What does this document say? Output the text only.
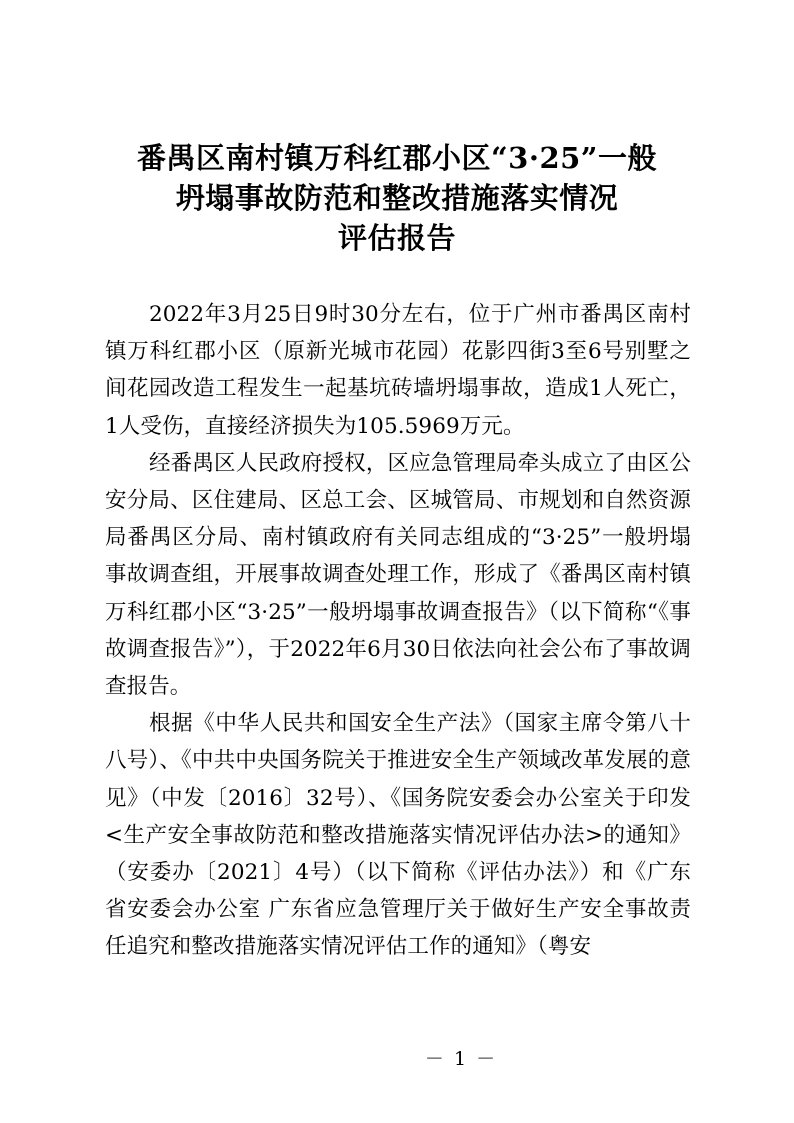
番禺区南村镇万科红郡小区“3·25”一般
坍塌事故防范和整改措施落实情况
评估报告

2022年3月25日9时30分左右，位于广州市番禺区南村镇万科红郡小区（原新光城市花园）花影四街3至6号别墅之间花园改造工程发生一起基坑砖墙坍塌事故，造成1人死亡，1人受伤，直接经济损失为105.5969万元。

经番禺区人民政府授权，区应急管理局牵头成立了由区公安分局、区住建局、区总工会、区城管局、市规划和自然资源局番禺区分局、南村镇政府有关同志组成的“3·25”一般坍塌事故调查组，开展事故调查处理工作，形成了《番禺区南村镇万科红郡小区“3·25”一般坍塌事故调查报告》（以下简称“《事故调查报告》”），于2022年6月30日依法向社会公布了事故调查报告。

根据《中华人民共和国安全生产法》（国家主席令第八十八号）、《中共中央国务院关于推进安全生产领域改革发展的意见》（中发〔2016〕32号）、《国务院安委会办公室关于印发<生产安全事故防范和整改措施落实情况评估办法>的通知》（安委办〔2021〕4号）（以下简称《评估办法》）和《广东省安委会办公室 广东省应急管理厅关于做好生产安全事故责任追究和整改措施落实情况评估工作的通知》（粤安

－ 1 －
